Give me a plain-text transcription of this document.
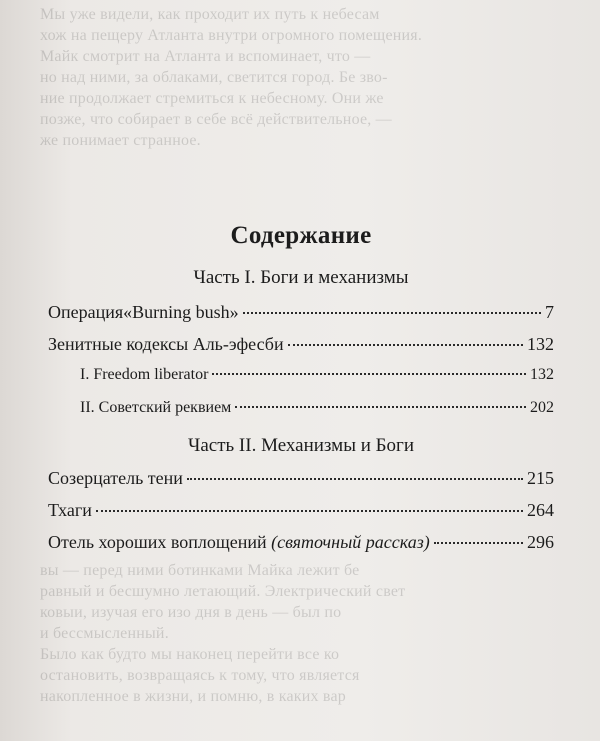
Мы уже видели, как проходит их путь к небесам
хож на пещеру Атланта внутри огромного помещения.
Майк смотрит на Атланта и вспоминает, что —
но над ними, за облаками, светится город. Бе зво-
ние продолжает стремиться к небесному. Они же
позже, что собирает в себе всё действительное, —
же понимает странное.
Содержание
Часть I. Боги и механизмы
Операция«Burning bush»	7
Зенитные кодексы Аль-эфесби	132
I. Freedom liberator	132
II. Советский реквием	202
Часть II. Механизмы и Боги
Созерцатель тени	215
Тхаги	264
Отель хороших воплощений (святочный рассказ)	296
вы — перед ними ботинками Майка лежит бе
равный и бесшумно летающий. Электрический свет
ковыи, изучая его изо дня в день — был по
и бессмысленный.
Было как будто мы наконец перейти все ко
остановить, возвращаясь к тому, что является
накопленное в жизни, и помню, в каких вар
